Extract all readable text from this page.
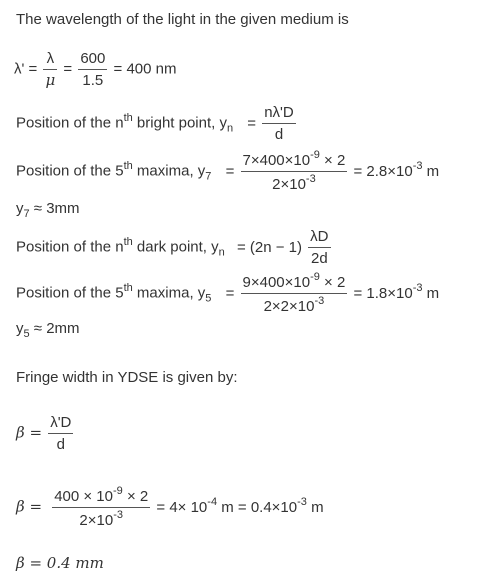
The wavelength of the light in the given medium is
$\lambda' = \frac{\lambda}{\mu} = \frac{600}{1.5} = 400$ nm
Position of the $n^{th}$ bright point, $y_n = \frac{n\lambda'D}{d}$
Position of the 5th maxima, $y_7 = \frac{7\times 400\times 10^{-9} \times 2}{2\times 10^{-3}} = 2.8\times 10^{-3}$ m
$y_7 \approx 3mm$
Position of the $n^{th}$ dark point, $y_n = (2n - 1) \frac{\lambda D}{2d}$
Position of the 5th maxima, $y_5 = \frac{9\times 400\times 10^{-9} \times 2}{2\times 2\times 10^{-3}} = 1.8\times 10^{-3}$ m
$y_5 \approx 2mm$
Fringe width in YDSE is given by:
$\beta = \frac{\lambda'D}{d}$
$\beta = \frac{400 \times 10^{-9} \times 2}{2\times 10^{-3}} = 4\times 10^{-4}$ $m = 0.4\times 10^{-3}$ m
β = 0.4 mm
